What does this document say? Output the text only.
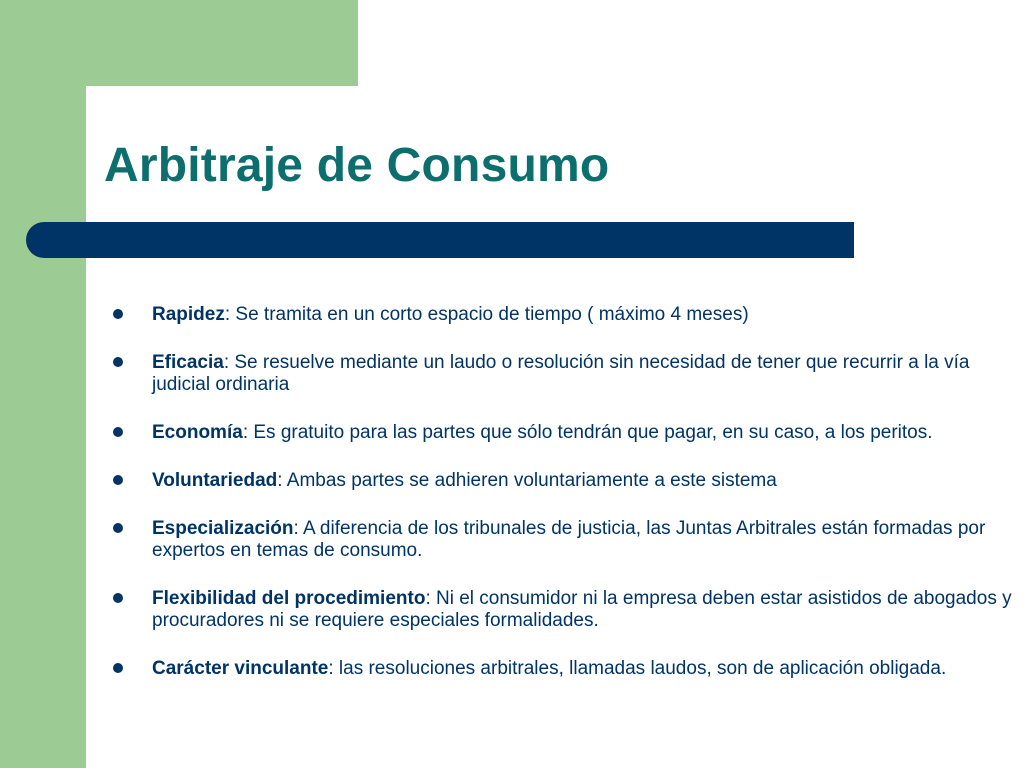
Arbitraje de Consumo
Rapidez: Se tramita en un corto espacio de tiempo ( máximo 4 meses)
Eficacia: Se resuelve mediante un laudo o resolución sin necesidad de tener que recurrir a la vía judicial ordinaria
Economía: Es gratuito para las partes que sólo tendrán que pagar, en su caso, a los peritos.
Voluntariedad: Ambas partes se adhieren voluntariamente a este sistema
Especialización: A diferencia de los tribunales de justicia, las Juntas Arbitrales están formadas por expertos en temas de consumo.
Flexibilidad del procedimiento: Ni el consumidor ni la empresa deben estar asistidos de abogados y procuradores ni se requiere especiales formalidades.
Carácter vinculante: las resoluciones arbitrales, llamadas laudos, son de aplicación obligada.
